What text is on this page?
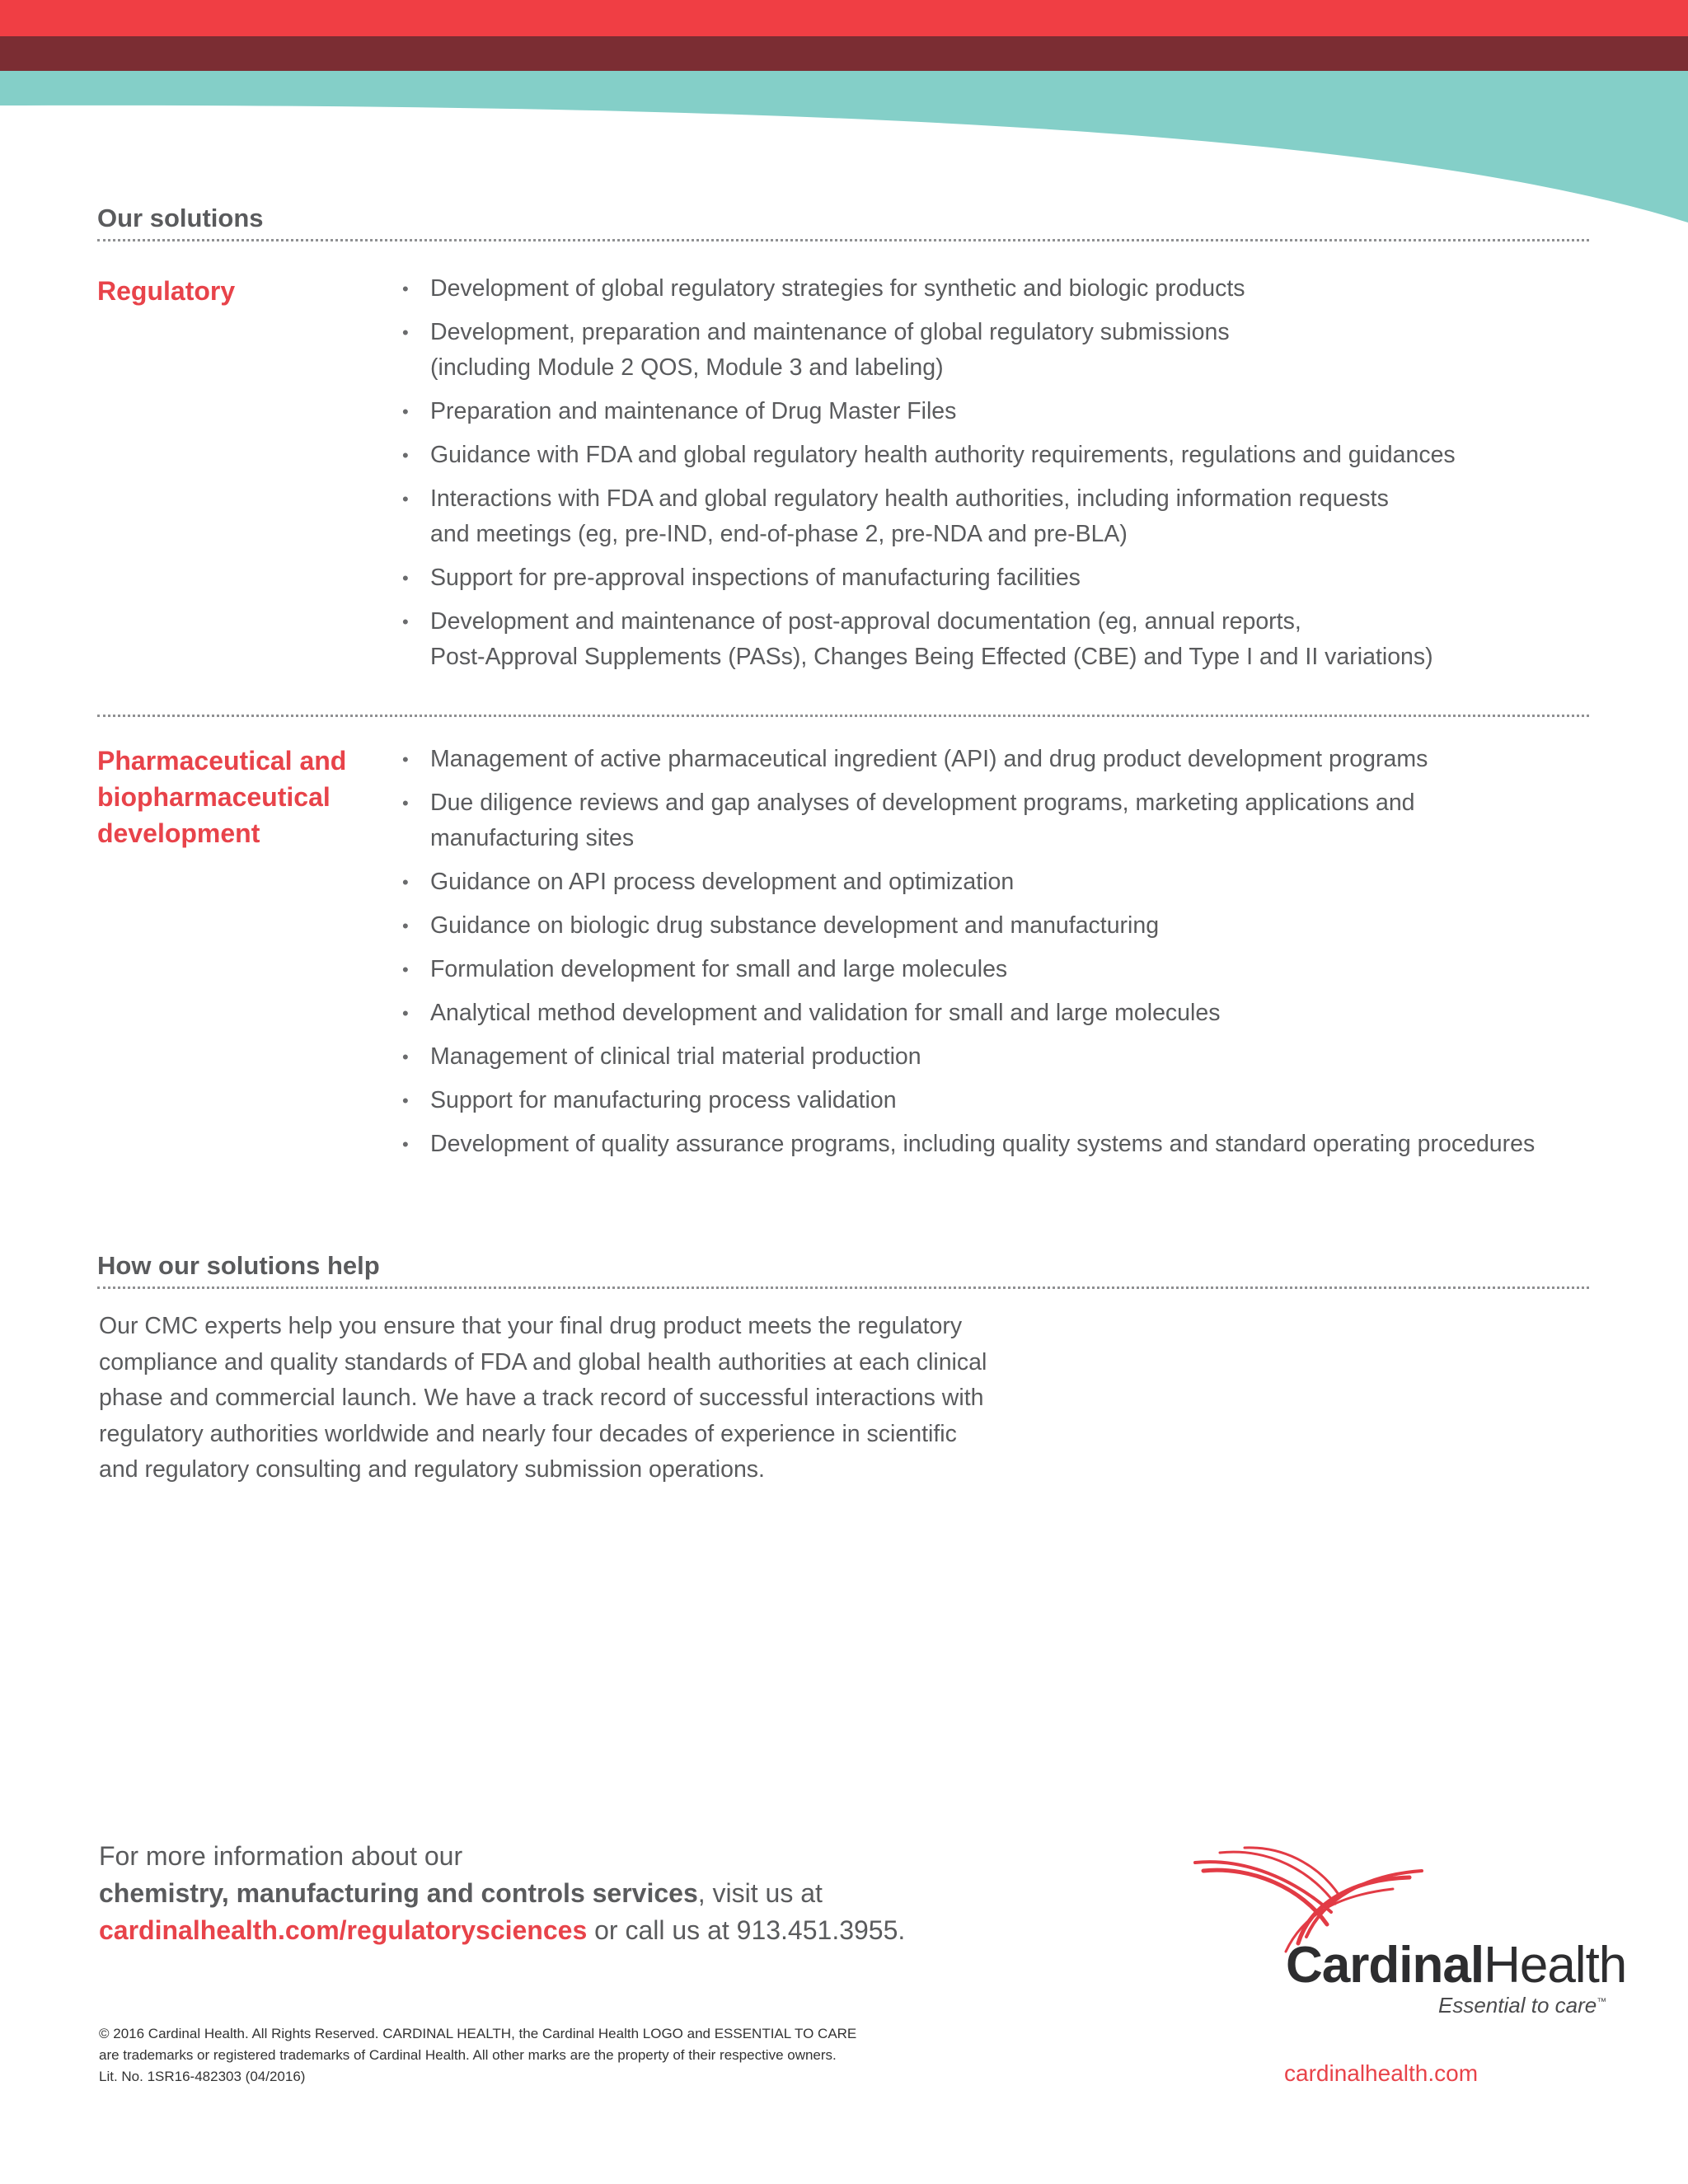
Our solutions
Regulatory
•	Development of global regulatory strategies for synthetic and biologic products
• Development, preparation and maintenance of global regulatory submissions
(including Module 2 QOS, Module 3 and labeling)
• Preparation and maintenance of Drug Master Files
• Guidance with FDA and global regulatory health authority requirements, regulations and guidances
• Interactions with FDA and global regulatory health authorities, including information requests
and meetings (eg, pre-IND, end-of-phase 2, pre-NDA and pre-BLA)
• Support for pre-approval inspections of manufacturing facilities
• Development and maintenance of post-approval documentation (eg, annual reports,
Post-Approval Supplements (PASs), Changes Being Effected (CBE) and Type I and II variations)
Pharmaceutical and
biopharmaceutical
development
• Management of active pharmaceutical ingredient (API) and drug product development programs
• Due diligence reviews and gap analyses of development programs, marketing applications and
manufacturing sites
• Guidance on API process development and optimization
• Guidance on biologic drug substance development and manufacturing
• Formulation development for small and large molecules
• Analytical method development and validation for small and large molecules
• Management of clinical trial material production
• Support for manufacturing process validation
• Development of quality assurance programs, including quality systems and standard operating procedures
How our solutions help
Our CMC experts help you ensure that your final drug product meets the regulatory
compliance and quality standards of FDA and global health authorities at each clinical
phase and commercial launch. We have a track record of successful interactions with
regulatory authorities worldwide and nearly four decades of experience in scientific
and regulatory consulting and regulatory submission operations.
For more information about our
chemistry, manufacturing and controls services, visit us at
cardinalhealth.com/regulatorysciences or call us at 913.451.3955.
© 2016 Cardinal Health. All Rights Reserved. CARDINAL HEALTH, the Cardinal Health LOGO and ESSENTIAL TO CARE
are trademarks or registered trademarks of Cardinal Health. All other marks are the property of their respective owners.
Lit. No. 1SR16-482303 (04/2016)
CardinalHealth
Essential to care™
cardinalhealth.com
